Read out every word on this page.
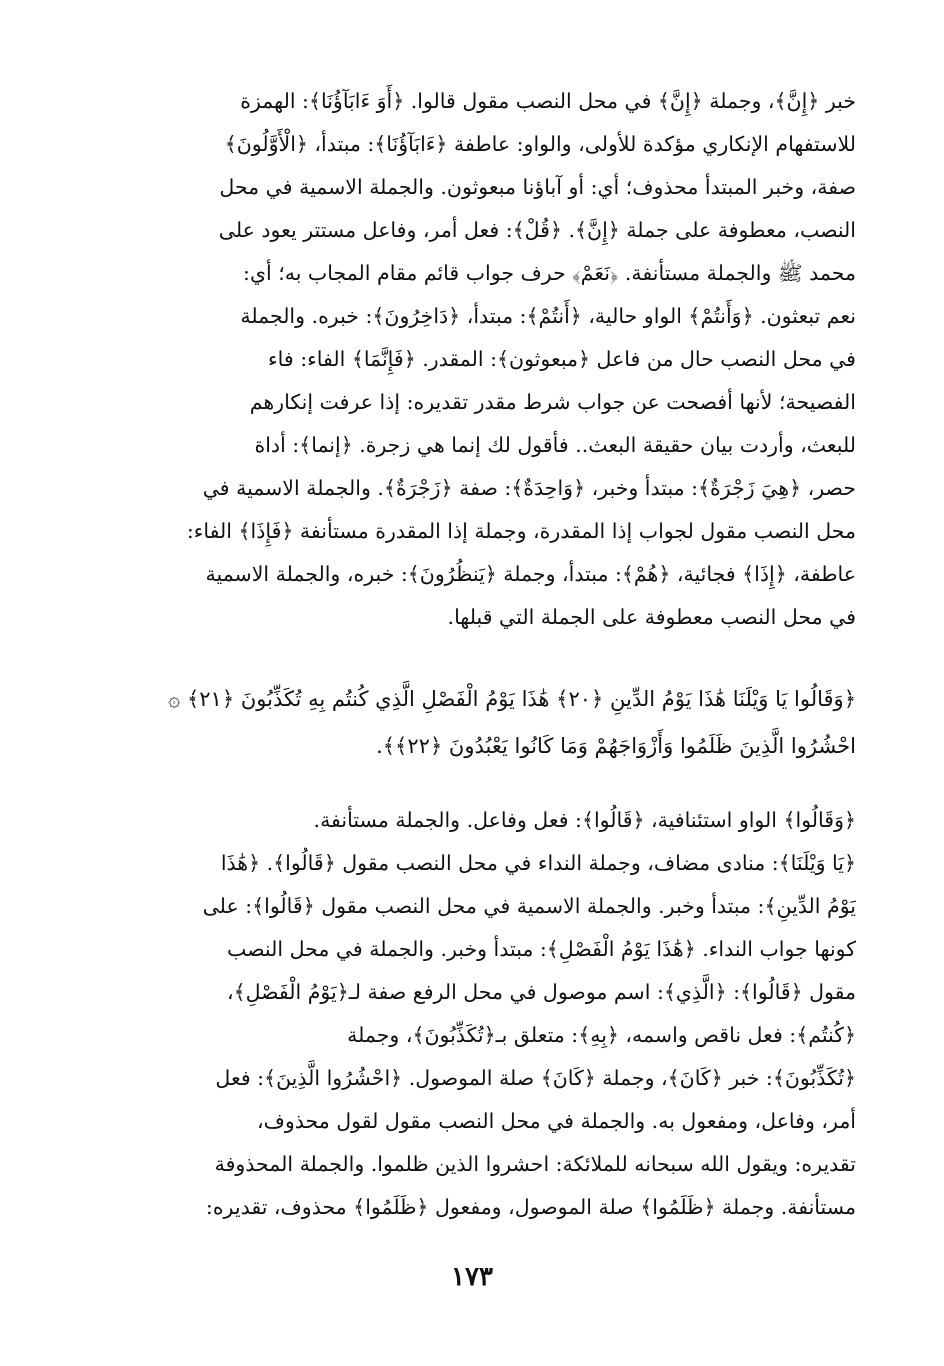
خبر ﴿إِنَّ﴾، وجملة ﴿إِنَّ﴾ في محل النصب مقول قالوا. ﴿أَوَ ءَابَآؤُنَا﴾: الهمزة
للاستفهام الإنكاري مؤكدة للأولى، والواو: عاطفة ﴿ءَابَآؤُنَا﴾: مبتدأ، ﴿الْأَوَّلُونَ﴾
صفة، وخبر المبتدأ محذوف؛ أي: أو آباؤنا مبعوثون. والجملة الاسمية في محل
النصب، معطوفة على جملة ﴿إِنَّ﴾. ﴿قُلْ﴾: فعل أمر، وفاعل مستتر يعود على
محمد ﷺ والجملة مستأنفة. ﴿نَعَمْ﴾ حرف جواب قائم مقام المجاب به؛ أي:
نعم تبعثون. ﴿وَأَنتُمْ﴾ الواو حالية، ﴿أَنتُمْ﴾: مبتدأ، ﴿دَاخِرُونَ﴾: خبره. والجملة
في محل النصب حال من فاعل ﴿مبعوثون﴾: المقدر. ﴿فَإِنَّمَا﴾ الفاء: فاء
الفصيحة؛ لأنها أفصحت عن جواب شرط مقدر تقديره: إذا عرفت إنكارهم
للبعث، وأردت بيان حقيقة البعث.. فأقول لك إنما هي زجرة. ﴿إنما﴾: أداة
حصر، ﴿هِيَ زَجْرَةٌ﴾: مبتدأ وخبر، ﴿وَاحِدَةٌ﴾: صفة ﴿زَجْرَةٌ﴾. والجملة الاسمية في
محل النصب مقول لجواب إذا المقدرة، وجملة إذا المقدرة مستأنفة ﴿فَإِذَا﴾ الفاء:
عاطفة، ﴿إِذَا﴾ فجائية، ﴿هُمْ﴾: مبتدأ، وجملة ﴿يَنظُرُونَ﴾: خبره، والجملة الاسمية
في محل النصب معطوفة على الجملة التي قبلها.
﴿وَقَالُوا يَا وَيْلَنَا هَٰذَا يَوْمُ الدِّينِ ﴿٢٠﴾ هَٰذَا يَوْمُ الْفَصْلِ الَّذِي كُنتُم بِهِ تُكَذِّبُونَ ﴿٢١﴾ ۞
احْشُرُوا الَّذِينَ ظَلَمُوا وَأَزْوَاجَهُمْ وَمَا كَانُوا يَعْبُدُونَ ﴿٢٢﴾﴾.
﴿وَقَالُوا﴾ الواو استئنافية، ﴿قَالُوا﴾: فعل وفاعل. والجملة مستأنفة.
﴿يَا وَيْلَنَا﴾: منادى مضاف، وجملة النداء في محل النصب مقول ﴿قَالُوا﴾. ﴿هَٰذَا
يَوْمُ الدِّينِ﴾: مبتدأ وخبر. والجملة الاسمية في محل النصب مقول ﴿قَالُوا﴾: على
كونها جواب النداء. ﴿هَٰذَا يَوْمُ الْفَصْلِ﴾: مبتدأ وخبر. والجملة في محل النصب
مقول ﴿قَالُوا﴾: ﴿الَّذِي﴾: اسم موصول في محل الرفع صفة لـ﴿يَوْمُ الْفَصْلِ﴾،
﴿كُنتُم﴾: فعل ناقص واسمه، ﴿بِهِ﴾: متعلق بـ﴿تُكَذِّبُونَ﴾، وجملة
﴿تُكَذِّبُونَ﴾: خبر ﴿كَانَ﴾، وجملة ﴿كَانَ﴾ صلة الموصول. ﴿احْشُرُوا الَّذِينَ﴾: فعل
أمر، وفاعل، ومفعول به. والجملة في محل النصب مقول لقول محذوف،
تقديره: ويقول الله سبحانه للملائكة: احشروا الذين ظلموا. والجملة المحذوفة
مستأنفة. وجملة ﴿ظَلَمُوا﴾ صلة الموصول، ومفعول ﴿ظَلَمُوا﴾ محذوف، تقديره:
١٧٣
